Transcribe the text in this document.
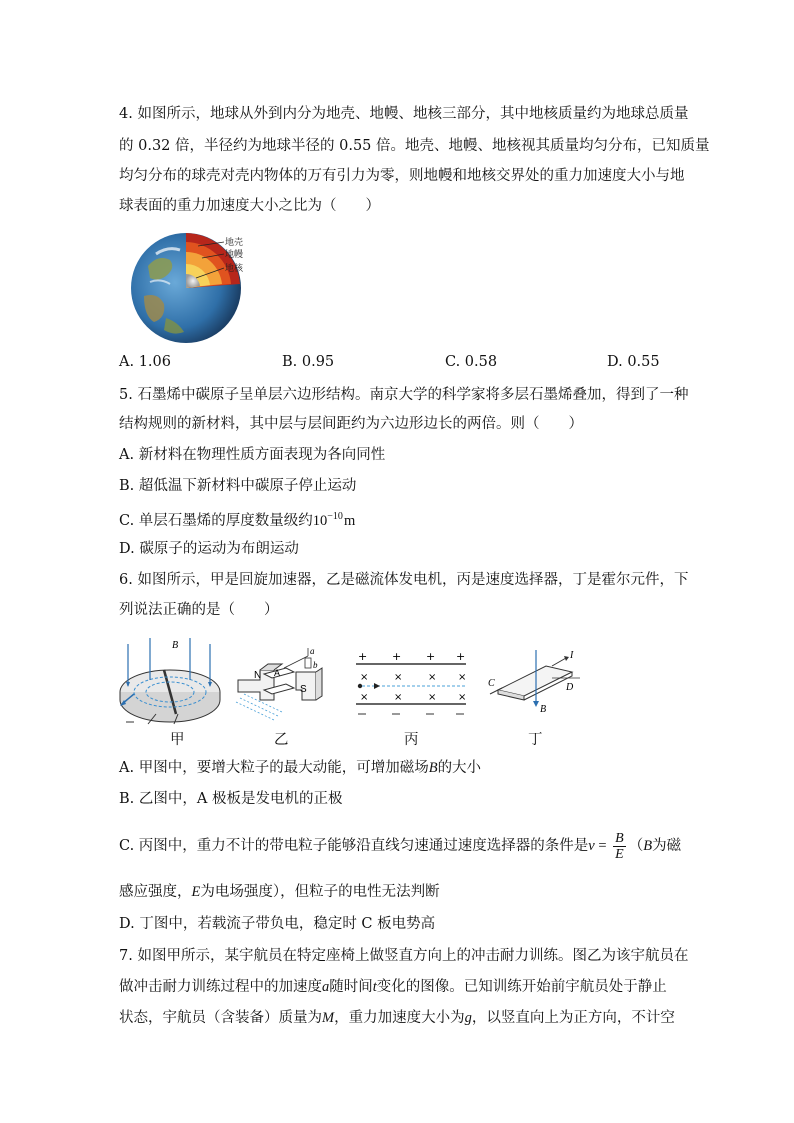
4. 如图所示，地球从外到内分为地壳、地幔、地核三部分，其中地核质量约为地球总质量
的 0.32 倍，半径约为地球半径的 0.55 倍。地壳、地幔、地核视其质量均匀分布，已知质量
均匀分布的球壳对壳内物体的万有引力为零，则地幔和地核交界处的重力加速度大小与地
球表面的重力加速度大小之比为（　　）
地壳
地幔
地核
A. 1.06	B. 0.95	C. 0.58	D. 0.55
5. 石墨烯中碳原子呈单层六边形结构。南京大学的科学家将多层石墨烯叠加，得到了一种
结构规则的新材料，其中层与层间距约为六边形边长的两倍。则（　　）
A. 新材料在物理性质方面表现为各向同性
B. 超低温下新材料中碳原子停止运动
C. 单层石墨烯的厚度数量级约$10^{-10}m$
D. 碳原子的运动为布朗运动
6. 如图所示，甲是回旋加速器，乙是磁流体发电机，丙是速度选择器，丁是霍尔元件，下
列说法正确的是（　　）
B	a
b
N A
S
+ + + +
×	×	× ×
×	×	× ×
I
C	D
B
甲	乙	丙	丁
A. 甲图中，要增大粒子的最大动能，可增加磁场B的大小
B. 乙图中，A 极板是发电机的正极
C. 丙图中，重力不计的带电粒子能够沿直线匀速通过速度选择器的条件是$v = \frac{B}{E} (B$为磁
感应强度，E为电场强度），但粒子的电性无法判断
D. 丁图中，若载流子带负电，稳定时 C 板电势高
7. 如图甲所示，某宇航员在特定座椅上做竖直方向上的冲击耐力训练。图乙为该宇航员在
做冲击耐力训练过程中的加速度a随时间t变化的图像。已知训练开始前宇航员处于静止
状态，宇航员（含装备）质量为M，重力加速度大小为g，以竖直向上为正方向，不计空
